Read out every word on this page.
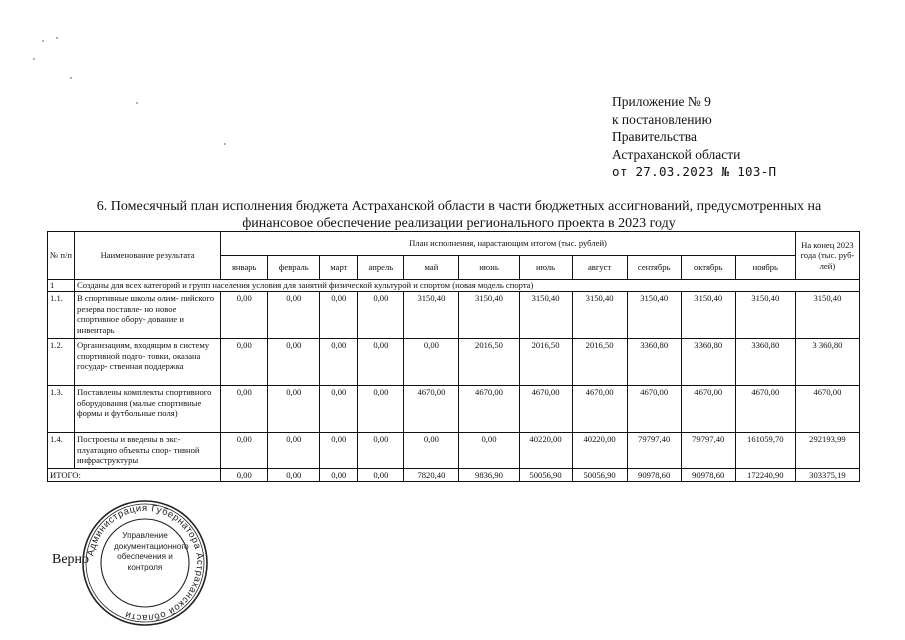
Приложение № 9
к постановлению
Правительства
Астраханской области
от 27.03.2023 № 103-П
6. Помесячный план исполнения бюджета Астраханской области в части бюджетных ассигнований, предусмотренных на
финансовое обеспечение реализации регионального проекта в 2023 году
№ п/п	Наименование результата	План исполнения, нарастающим итогом (тыс. рублей)											На конец 2023 года (тыс. руб- лей)
		январь	февраль	март	апрель	май	июнь	июль	август	сентябрь	октябрь	ноябрь	
1	Созданы для всех категорий и групп населения условия для занятий физической культурой и спортом (новая модель спорта)												
1.1.	В спортивные школы олим- пийского резерва поставле- но новое спортивное обору- дование и инвентарь	0,00	0,00	0,00	0,00	3150,40	3150,40	3150,40	3150,40	3150,40	3150,40	3150,40	3150,40
1.2.	Организациям, входящим в систему спортивной подго- товки, оказана государ- ственная поддержка	0,00	0,00	0,00	0,00	0,00	2016,50	2016,50	2016,50	3360,80	3360,80	3360,80	3 360,80
1.3.	Поставлены комплекты спортивного оборудования (малые спортивные формы и футбольные поля)	0,00	0,00	0,00	0,00	4670,00	4670,00	4670,00	4670,00	4670,00	4670,00	4670,00	4670,00
1.4.	Построены и введены в экс- плуатацию объекты спор- тивной инфраструктуры	0,00	0,00	0,00	0,00	0,00	0,00	40220,00	40220,00	79797,40	79797,40	161059,70	292193,99
ИТОГО:		0,00	0,00	0,00	0,00	7820,40	9836,90	50056,90	50056,90	90978,60	90978,60	172240,90	303375,19
Верно
Администрация Губернатора Астраханской области
Управление документационного обеспечения и контроля
